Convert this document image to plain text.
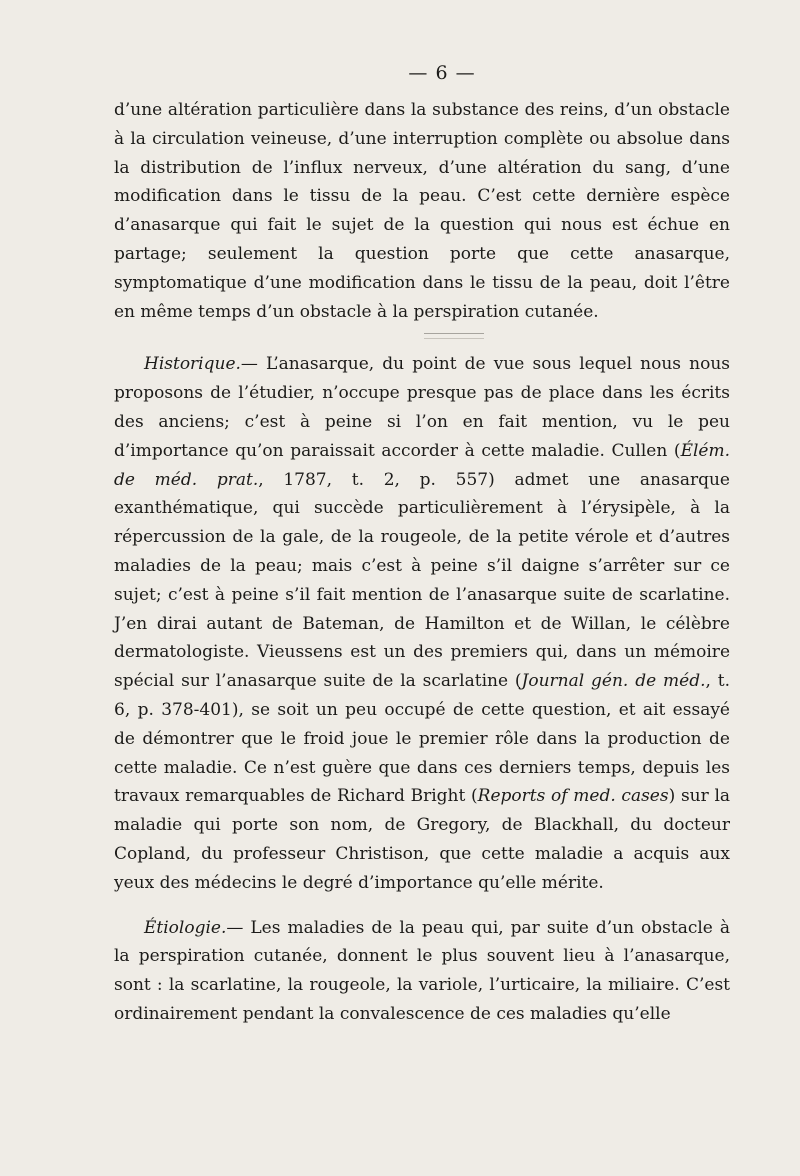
— 6 —

d’une altération particulière dans la substance des reins, d’un obstacle à la circulation veineuse, d’une interruption complète ou absolue dans la distribution de l’influx nerveux, d’une altération du sang, d’une modification dans le tissu de la peau. C’est cette dernière espèce d’anasarque qui fait le sujet de la question qui nous est échue en partage; seulement la question porte que cette anasarque, symptomatique d’une modification dans le tissu de la peau, doit l’être en même temps d’un obstacle à la perspiration cutanée.

Historique.— L’anasarque, du point de vue sous lequel nous nous proposons de l’étudier, n’occupe presque pas de place dans les écrits des anciens; c’est à peine si l’on en fait mention, vu le peu d’importance qu’on paraissait accorder à cette maladie. Cullen (Élém. de méd. prat., 1787, t. 2, p. 557) admet une anasarque exanthématique, qui succède particulièrement à l’érysipèle, à la répercussion de la gale, de la rougeole, de la petite vérole et d’autres maladies de la peau; mais c’est à peine s’il daigne s’arrêter sur ce sujet; c’est à peine s’il fait mention de l’anasarque suite de scarlatine. J’en dirai autant de Bateman, de Hamilton et de Willan, le célèbre dermatologiste. Vieussens est un des premiers qui, dans un mémoire spécial sur l’anasarque suite de la scarlatine (Journal gén. de méd., t. 6, p. 378-401), se soit un peu occupé de cette question, et ait essayé de démontrer que le froid joue le premier rôle dans la production de cette maladie. Ce n’est guère que dans ces derniers temps, depuis les travaux remarquables de Richard Bright (Reports of med. cases) sur la maladie qui porte son nom, de Gregory, de Blackhall, du docteur Copland, du professeur Christison, que cette maladie a acquis aux yeux des médecins le degré d’importance qu’elle mérite.

Étiologie.— Les maladies de la peau qui, par suite d’un obstacle à la perspiration cutanée, donnent le plus souvent lieu à l’anasarque, sont : la scarlatine, la rougeole, la variole, l’urticaire, la miliaire. C’est ordinairement pendant la convalescence de ces maladies qu’elle
